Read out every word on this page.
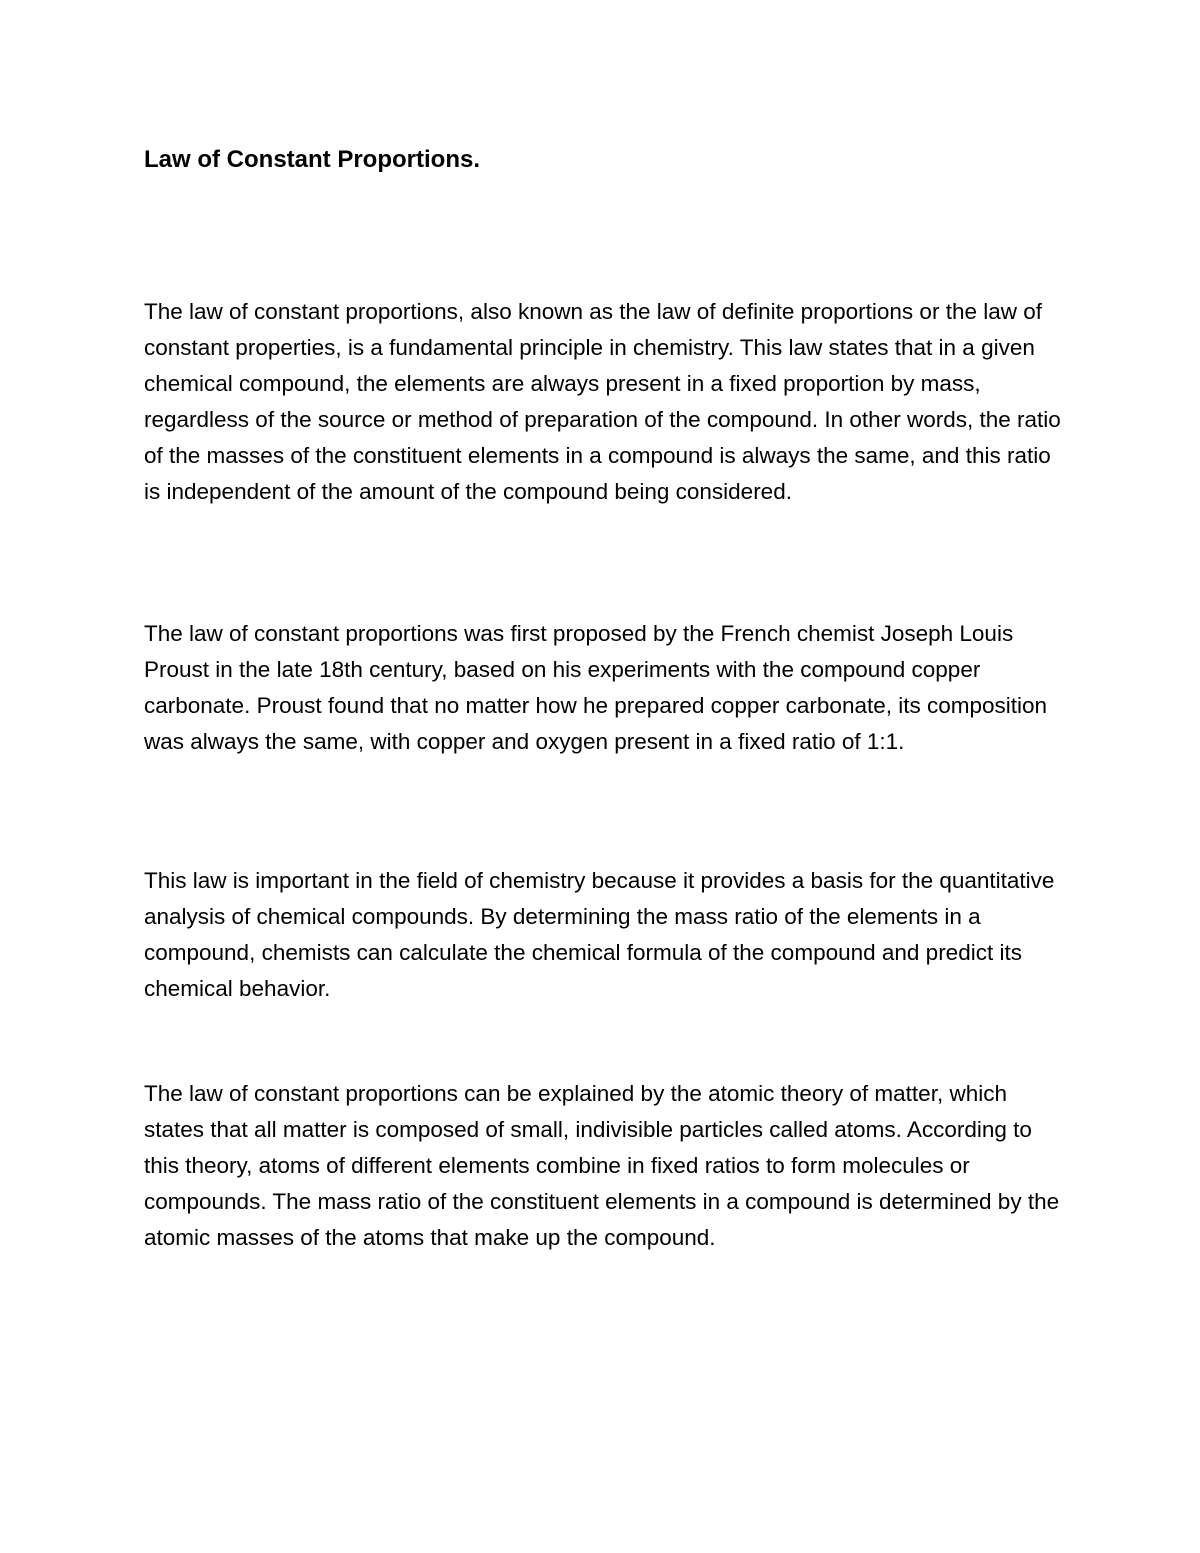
Law of Constant Proportions.

The law of constant proportions, also known as the law of definite proportions or the law of constant properties, is a fundamental principle in chemistry. This law states that in a given chemical compound, the elements are always present in a fixed proportion by mass, regardless of the source or method of preparation of the compound. In other words, the ratio of the masses of the constituent elements in a compound is always the same, and this ratio is independent of the amount of the compound being considered.

The law of constant proportions was first proposed by the French chemist Joseph Louis Proust in the late 18th century, based on his experiments with the compound copper carbonate. Proust found that no matter how he prepared copper carbonate, its composition was always the same, with copper and oxygen present in a fixed ratio of 1:1.

This law is important in the field of chemistry because it provides a basis for the quantitative analysis of chemical compounds. By determining the mass ratio of the elements in a compound, chemists can calculate the chemical formula of the compound and predict its chemical behavior.

The law of constant proportions can be explained by the atomic theory of matter, which states that all matter is composed of small, indivisible particles called atoms. According to this theory, atoms of different elements combine in fixed ratios to form molecules or compounds. The mass ratio of the constituent elements in a compound is determined by the atomic masses of the atoms that make up the compound.
